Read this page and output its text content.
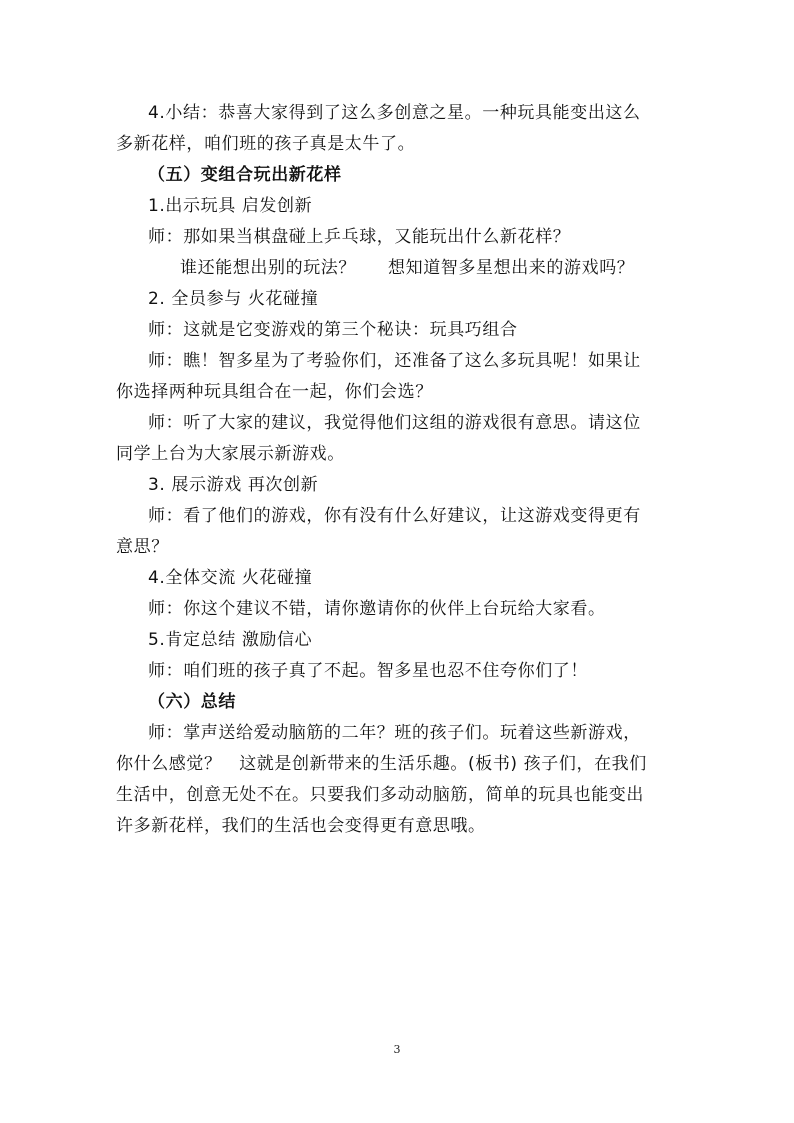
4.小结：恭喜大家得到了这么多创意之星。一种玩具能变出这么
多新花样，咱们班的孩子真是太牛了。
（五）变组合玩出新花样
1.出示玩具 启发创新
师：那如果当棋盘碰上乒乓球，又能玩出什么新花样？
谁还能想出别的玩法？ 想知道智多星想出来的游戏吗？
2. 全员参与 火花碰撞
师：这就是它变游戏的第三个秘诀：玩具巧组合
师：瞧！智多星为了考验你们，还准备了这么多玩具呢！如果让
你选择两种玩具组合在一起，你们会选？
师：听了大家的建议，我觉得他们这组的游戏很有意思。请这位
同学上台为大家展示新游戏。
3. 展示游戏 再次创新
师：看了他们的游戏，你有没有什么好建议，让这游戏变得更有
意思？
4.全体交流 火花碰撞
师：你这个建议不错，请你邀请你的伙伴上台玩给大家看。
5.肯定总结 激励信心
师：咱们班的孩子真了不起。智多星也忍不住夸你们了！
（六）总结
师：掌声送给爱动脑筋的二年？班的孩子们。玩着这些新游戏，
你什么感觉？　这就是创新带来的生活乐趣。(板书) 孩子们，在我们
生活中，创意无处不在。只要我们多动动脑筋，简单的玩具也能变出
许多新花样，我们的生活也会变得更有意思哦。
3
